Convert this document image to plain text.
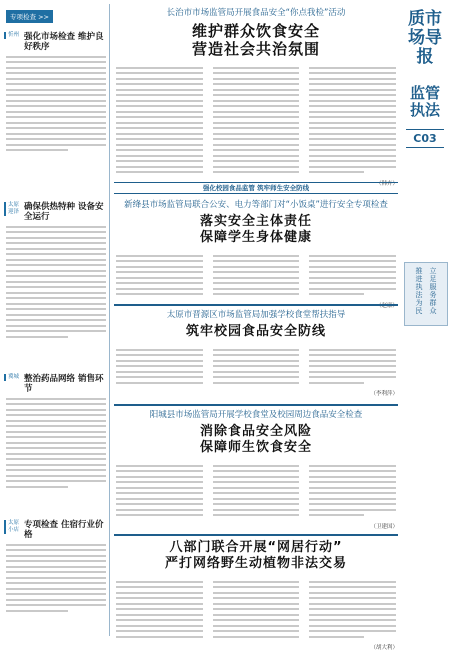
专项检查 >>
忻州 强化市场检查 维护良好秩序
太原 迎泽 确保供热特种 设备安全运行
冀城 整治药品网络 销售环节
太原 小店 专项检查 住宿行业价格
长治市市场监管局开展食品安全“你点我检”活动
维护群众饮食安全
营造社会共治氛围
（韩卉）
强化校园食品监管 筑牢师生安全防线
新绛县市场监管局联合公安、电力等部门对“小饭桌”进行安全专项检查
落实安全主体责任
保障学生身体健康
太原市晋源区市场监管局加强学校食堂帮扶指导
筑牢校园食品安全防线
（李利萍）
阳城县市场监管局开展学校食堂及校园周边食品安全检查
消除食品安全风险
保障师生饮食安全
（卫建国）
八部门联合开展“网居行动”
严打网络野生动植物非法交易
（胡大利）
质市场导报
监管执法
C03
立足服务群众
推进执法为民
